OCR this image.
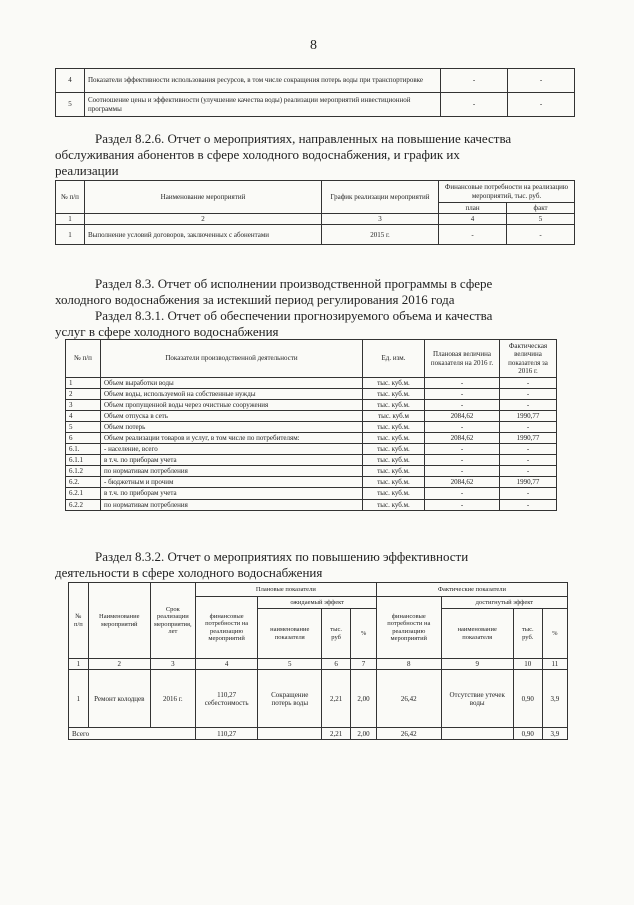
8
4	Показатели эффективности использования ресурсов, в том числе сокращения потерь воды при транспортировке	-	-
5	Соотношение цены и эффективности (улучшение качества воды) реализации мероприятий инвестиционной программы	-	-
Раздел 8.2.6. Отчет о мероприятиях, направленных на повышение качества
обслуживания абонентов в сфере холодного водоснабжения, и график их
реализации
№ п/п	Наименование мероприятий	График реализации мероприятий	Финансовые потребности на реализацию мероприятий, тыс. руб.	
			план	факт
1	2	3	4	5
1	Выполнение условий договоров, заключенных с абонентами	2015 г.	-	-
Раздел 8.3. Отчет об исполнении производственной программы в сфере
холодного водоснабжения за истекший период регулирования 2016 года
Раздел 8.3.1. Отчет об обеспечении прогнозируемого объема и качества
услуг в сфере холодного водоснабжения
№ п/п	Показатели производственной деятельности	Ед. изм.	Плановая величина показателя на 2016 г.	Фактическая величина показателя за 2016 г.
1	Объем выработки воды	тыс. куб.м.	-	-
2	Объем воды, используемой на собственные нужды	тыс. куб.м.	-	-
3	Объем пропущенной воды через очистные сооружения	тыс. куб.м.	-	-
4	Объем отпуска в сеть	тыс. куб.м	2084,62	1990,77
5	Объем потерь	тыс. куб.м.	-	-
6	Объем реализации товаров и услуг, в том числе по потребителям:	тыс. куб.м.	2084,62	1990,77
6.1.	- население, всего	тыс. куб.м.	-	-
6.1.1	в т.ч. по приборам учета	тыс. куб.м.	-	-
6.1.2	по нормативам потребления	тыс. куб.м.	-	-
6.2.	- бюджетным и прочим	тыс. куб.м.	2084,62	1990,77
6.2.1	в т.ч. по приборам учета	тыс. куб.м.	-	-
6.2.2	по нормативам потребления	тыс. куб.м.	-	-
Раздел 8.3.2. Отчет о мероприятиях по повышению эффективности
деятельности в сфере холодного водоснабжения
№ п/п	Наименование мероприятий	Срок реализации мероприятия, лет	Плановые показатели				Фактические показатели			
			финансовые потребности на реализацию мероприятий	ожидаемый эффект			финансовые потребности на реализацию мероприятий	достигнутый эффект		
				наименование показателя	тыс. руб	%		наименование показателя	тыс. руб.	%
1	2	3	4	5	6	7	8	9	10	11
1	Ремонт колодцев	2016 г.	110,27 себестоимость	Сокращение потерь воды	2,21	2,00	26,42	Отсутствие утечек воды	0,90	3,9
Всего			110,27		2,21	2,00	26,42		0,90	3,9
